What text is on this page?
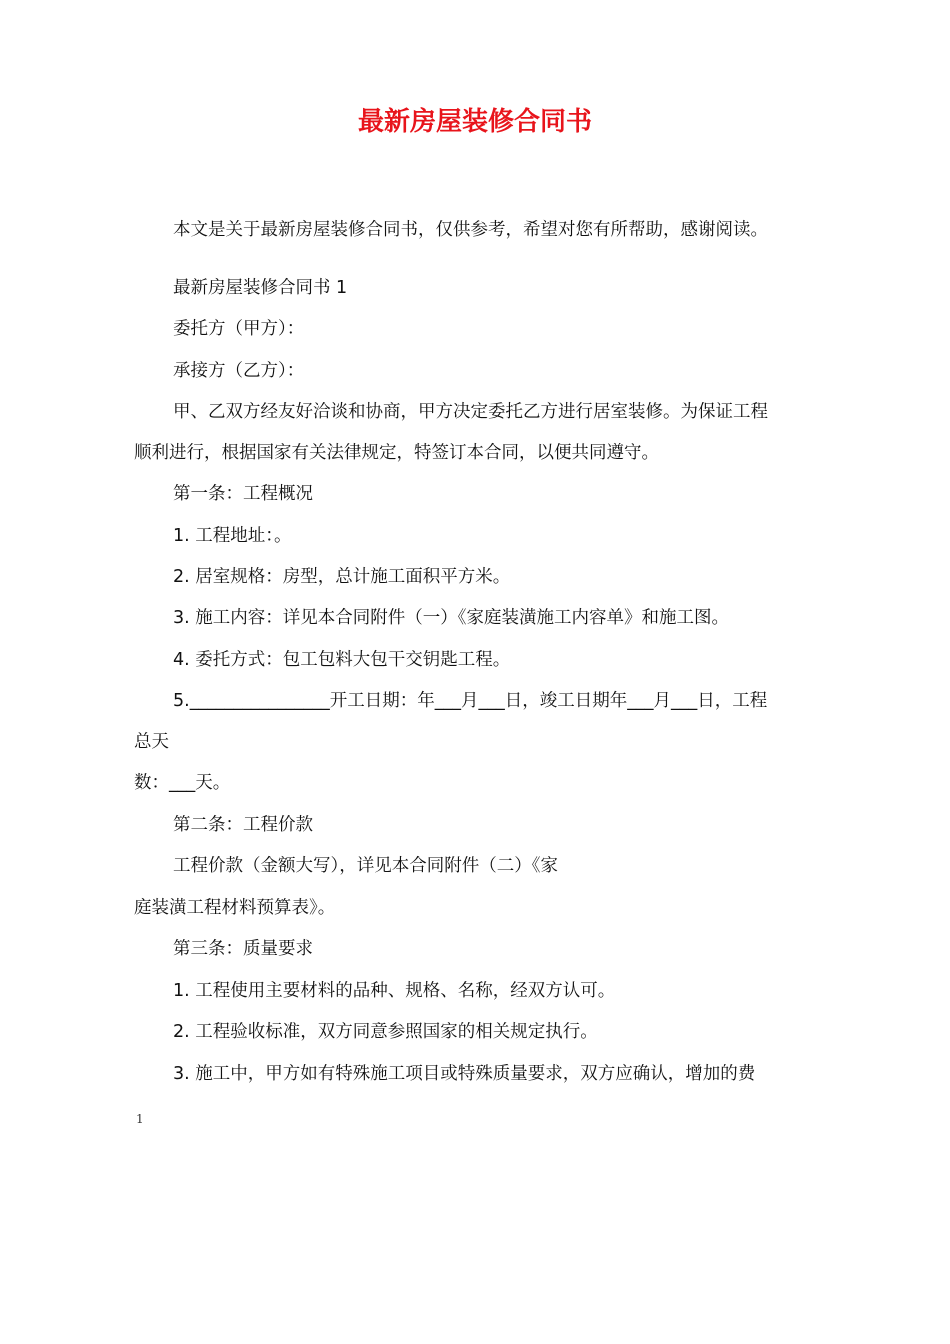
最新房屋装修合同书
本文是关于最新房屋装修合同书，仅供参考，希望对您有所帮助，感谢阅读。
最新房屋装修合同书 1
委托方（甲方）：
承接方（乙方）：
甲、乙双方经友好洽谈和协商，甲方决定委托乙方进行居室装修。为保证工程
顺利进行，根据国家有关法律规定，特签订本合同，以便共同遵守。
第一条：工程概况
1. 工程地址：。
2. 居室规格：房型，总计施工面积平方米。
3. 施工内容：详见本合同附件（一）《家庭装潢施工内容单》和施工图。
4. 委托方式：包工包料大包干交钥匙工程。
5.________________开工日期：年___月___日，竣工日期年___月___日，工程
总天
数：___天。
第二条：工程价款
工程价款（金额大写），详见本合同附件（二）《家
庭装潢工程材料预算表》。
第三条：质量要求
1. 工程使用主要材料的品种、规格、名称，经双方认可。
2. 工程验收标准，双方同意参照国家的相关规定执行。
3. 施工中，甲方如有特殊施工项目或特殊质量要求，双方应确认，增加的费
1
